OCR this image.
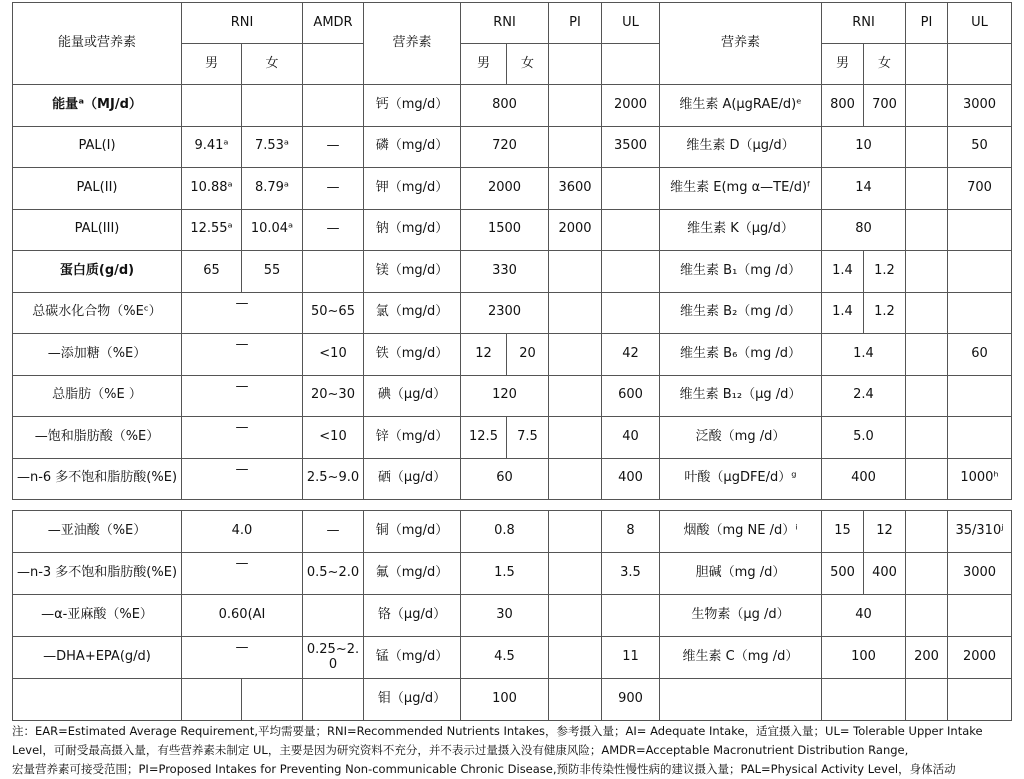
能量或营养素	RNI		AMDR	营养素	RNI		PI	UL	营养素	RNI		PI	UL
	男	女			男	女				男	女		
能量ᵃ（MJ/d）				钙（mg/d）	800			2000	维生素 A(μgRAE/d)ᵉ	800	700		3000
PAL(I)	9.41ᵃ	7.53ᵃ	—	磷（mg/d）	720			3500	维生素 D（μg/d）	10			50
PAL(II)	10.88ᵃ	8.79ᵃ	—	钾（mg/d）	2000		3600		维生素 E(mg α—TE/d)ᶠ	14			700
PAL(III)	12.55ᵃ	10.04ᵃ	—	钠（mg/d）	1500		2000		维生素 K（μg/d）	80			
蛋白质(g/d)	65	55		镁（mg/d）	330				维生素 B₁（mg /d）	1.4	1.2		
总碳水化合物（%Eᶜ）	—		50~65	氯（mg/d）	2300				维生素 B₂（mg /d）	1.4	1.2		
—添加糖（%E）	—		<10	铁（mg/d）	12	20		42	维生素 B₆（mg /d）	1.4			60
总脂肪（%E ）	—		20~30	碘（μg/d）	120			600	维生素 B₁₂（μg /d）	2.4			
—饱和脂肪酸（%E）	—		<10	锌（mg/d）	12.5	7.5		40	泛酸（mg /d）	5.0			
—n-6 多不饱和脂肪酸(%E)	—		2.5~9.0	硒（μg/d）	60			400	叶酸（μgDFE/d）ᵍ	400			1000ʰ
—亚油酸（%E）	4.0		—	铜（mg/d）	0.8		8	烟酸（mg NE /d）ⁱ	15	12		35/310ʲ
—n-3 多不饱和脂肪酸(%E)	—		0.5~2.0	氟（mg/d）	1.5		3.5	胆碱（mg /d）	500	400		3000
—α-亚麻酸（%E）	0.60(AI			铬（μg/d）	30			生物素（μg /d）	40			
—DHA+EPA(g/d)	—		0.25~2.0	锰（mg/d）	4.5		11	维生素 C（mg /d）	100		200	2000
				钼（μg/d）	100		900					
注：EAR=Estimated Average Requirement,平均需要量；RNI=Recommended Nutrients Intakes，参考摄入量；AI= Adequate Intake，适宜摄入量；UL= Tolerable Upper Intake
Level，可耐受最高摄入量，有些营养素未制定 UL，主要是因为研究资料不充分，并不表示过量摄入没有健康风险；AMDR=Acceptable Macronutrient Distribution Range,
宏量营养素可接受范围；PI=Proposed Intakes for Preventing Non-communicable Chronic Disease,预防非传染性慢性病的建议摄入量；PAL=Physical Activity Level，身体活动
